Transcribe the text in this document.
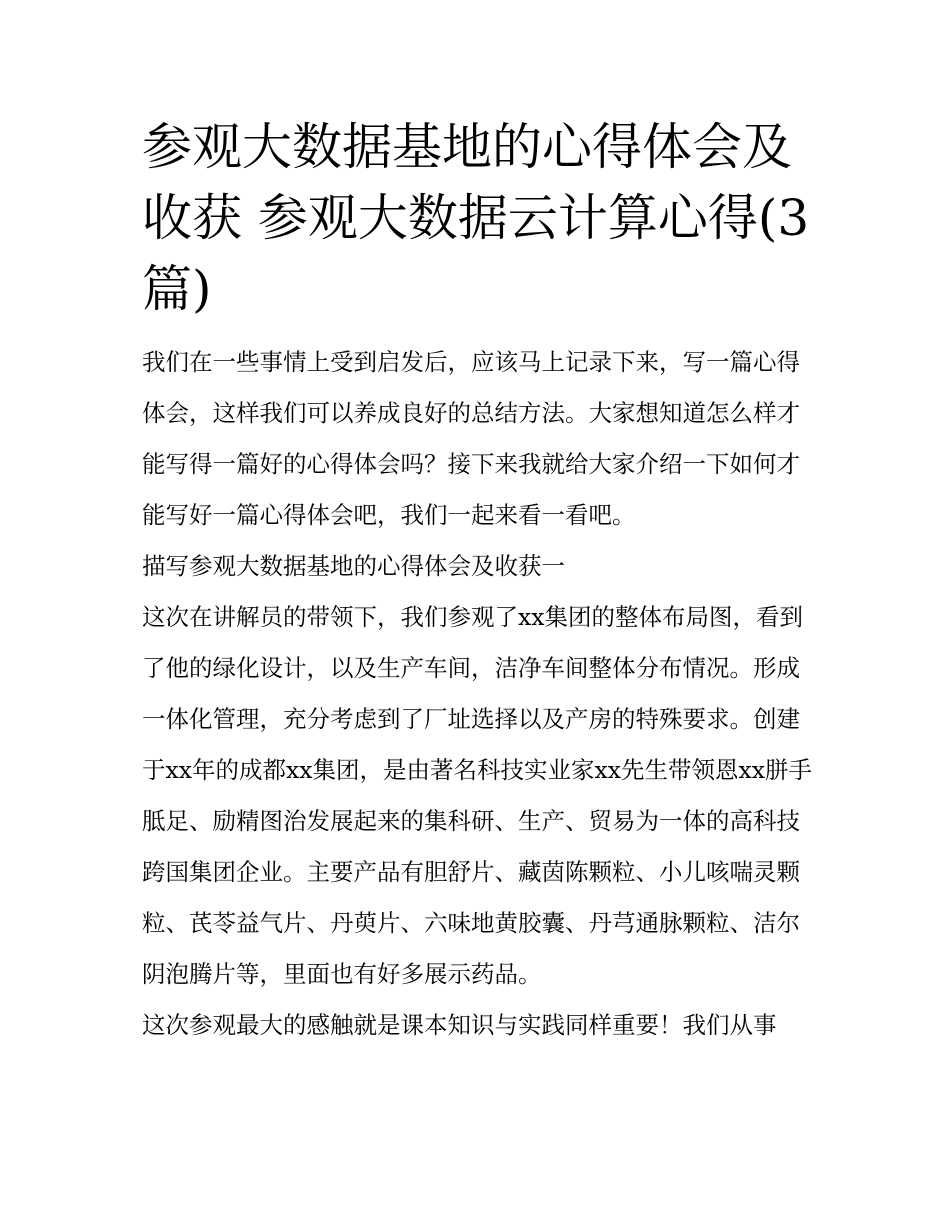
参观大数据基地的心得体会及收获 参观大数据云计算心得(3篇)

我们在一些事情上受到启发后，应该马上记录下来，写一篇心得体会，这样我们可以养成良好的总结方法。大家想知道怎么样才能写得一篇好的心得体会吗？接下来我就给大家介绍一下如何才能写好一篇心得体会吧，我们一起来看一看吧。

描写参观大数据基地的心得体会及收获一

这次在讲解员的带领下，我们参观了xx集团的整体布局图，看到了他的绿化设计，以及生产车间，洁净车间整体分布情况。形成一体化管理，充分考虑到了厂址选择以及产房的特殊要求。创建于xx年的成都xx集团，是由著名科技实业家xx先生带领恩xx胼手胝足、励精图治发展起来的集科研、生产、贸易为一体的高科技跨国集团企业。主要产品有胆舒片、藏茵陈颗粒、小儿咳喘灵颗粒、芪苓益气片、丹萸片、六味地黄胶囊、丹芎通脉颗粒、洁尔阴泡腾片等，里面也有好多展示药品。

这次参观最大的感触就是课本知识与实践同样重要！我们从事
